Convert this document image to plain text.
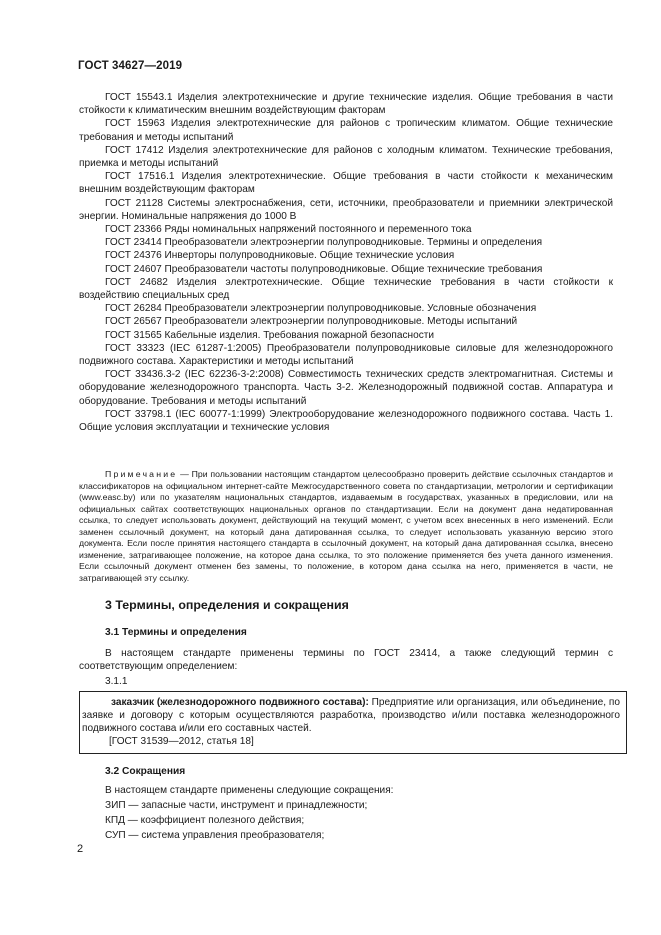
ГОСТ 34627—2019

ГОСТ 15543.1 Изделия электротехнические и другие технические изделия. Общие требования в части стойкости к климатическим внешним воздействующим факторам

ГОСТ 15963 Изделия электротехнические для районов с тропическим климатом. Общие технические требования и методы испытаний

ГОСТ 17412 Изделия электротехнические для районов с холодным климатом. Технические требования, приемка и методы испытаний

ГОСТ 17516.1 Изделия электротехнические. Общие требования в части стойкости к механическим внешним воздействующим факторам

ГОСТ 21128 Системы электроснабжения, сети, источники, преобразователи и приемники электрической энергии. Номинальные напряжения до 1000 В

ГОСТ 23366 Ряды номинальных напряжений постоянного и переменного тока

ГОСТ 23414 Преобразователи электроэнергии полупроводниковые. Термины и определения

ГОСТ 24376 Инверторы полупроводниковые. Общие технические условия

ГОСТ 24607 Преобразователи частоты полупроводниковые. Общие технические требования

ГОСТ 24682 Изделия электротехнические. Общие технические требования в части стойкости к воздействию специальных сред

ГОСТ 26284 Преобразователи электроэнергии полупроводниковые. Условные обозначения

ГОСТ 26567 Преобразователи электроэнергии полупроводниковые. Методы испытаний

ГОСТ 31565 Кабельные изделия. Требования пожарной безопасности

ГОСТ 33323 (IEC 61287-1:2005) Преобразователи полупроводниковые силовые для железнодорожного подвижного состава. Характеристики и методы испытаний

ГОСТ 33436.3-2 (IEC 62236-3-2:2008) Совместимость технических средств электромагнитная. Системы и оборудование железнодорожного транспорта. Часть 3-2. Железнодорожный подвижной состав. Аппаратура и оборудование. Требования и методы испытаний

ГОСТ 33798.1 (IEC 60077-1:1999) Электрооборудование железнодорожного подвижного состава. Часть 1. Общие условия эксплуатации и технические условия

Примечание — При пользовании настоящим стандартом целесообразно проверить действие ссылочных стандартов и классификаторов на официальном интернет-сайте Межгосударственного совета по стандартизации, метрологии и сертификации (www.easc.by) или по указателям национальных стандартов, издаваемым в государствах, указанных в предисловии, или на официальных сайтах соответствующих национальных органов по стандартизации. Если на документ дана недатированная ссылка, то следует использовать документ, действующий на текущий момент, с учетом всех внесенных в него изменений. Если заменен ссылочный документ, на который дана датированная ссылка, то следует использовать указанную версию этого документа. Если после принятия настоящего стандарта в ссылочный документ, на который дана датированная ссылка, внесено изменение, затрагивающее положение, на которое дана ссылка, то это положение применяется без учета данного изменения. Если ссылочный документ отменен без замены, то положение, в котором дана ссылка на него, применяется в части, не затрагивающей эту ссылку.
3 Термины, определения и сокращения
3.1 Термины и определения
В настоящем стандарте применены термины по ГОСТ 23414, а также следующий термин с соответствующим определением:
3.1.1
заказчик (железнодорожного подвижного состава): Предприятие или организация, или объединение, по заявке и договору с которым осуществляются разработка, производство и/или поставка железнодорожного подвижного состава и/или его составных частей.
[ГОСТ 31539—2012, статья 18]
3.2 Сокращения
В настоящем стандарте применены следующие сокращения:
ЗИП — запасные части, инструмент и принадлежности;
КПД — коэффициент полезного действия;
СУП — система управления преобразователя;
2
